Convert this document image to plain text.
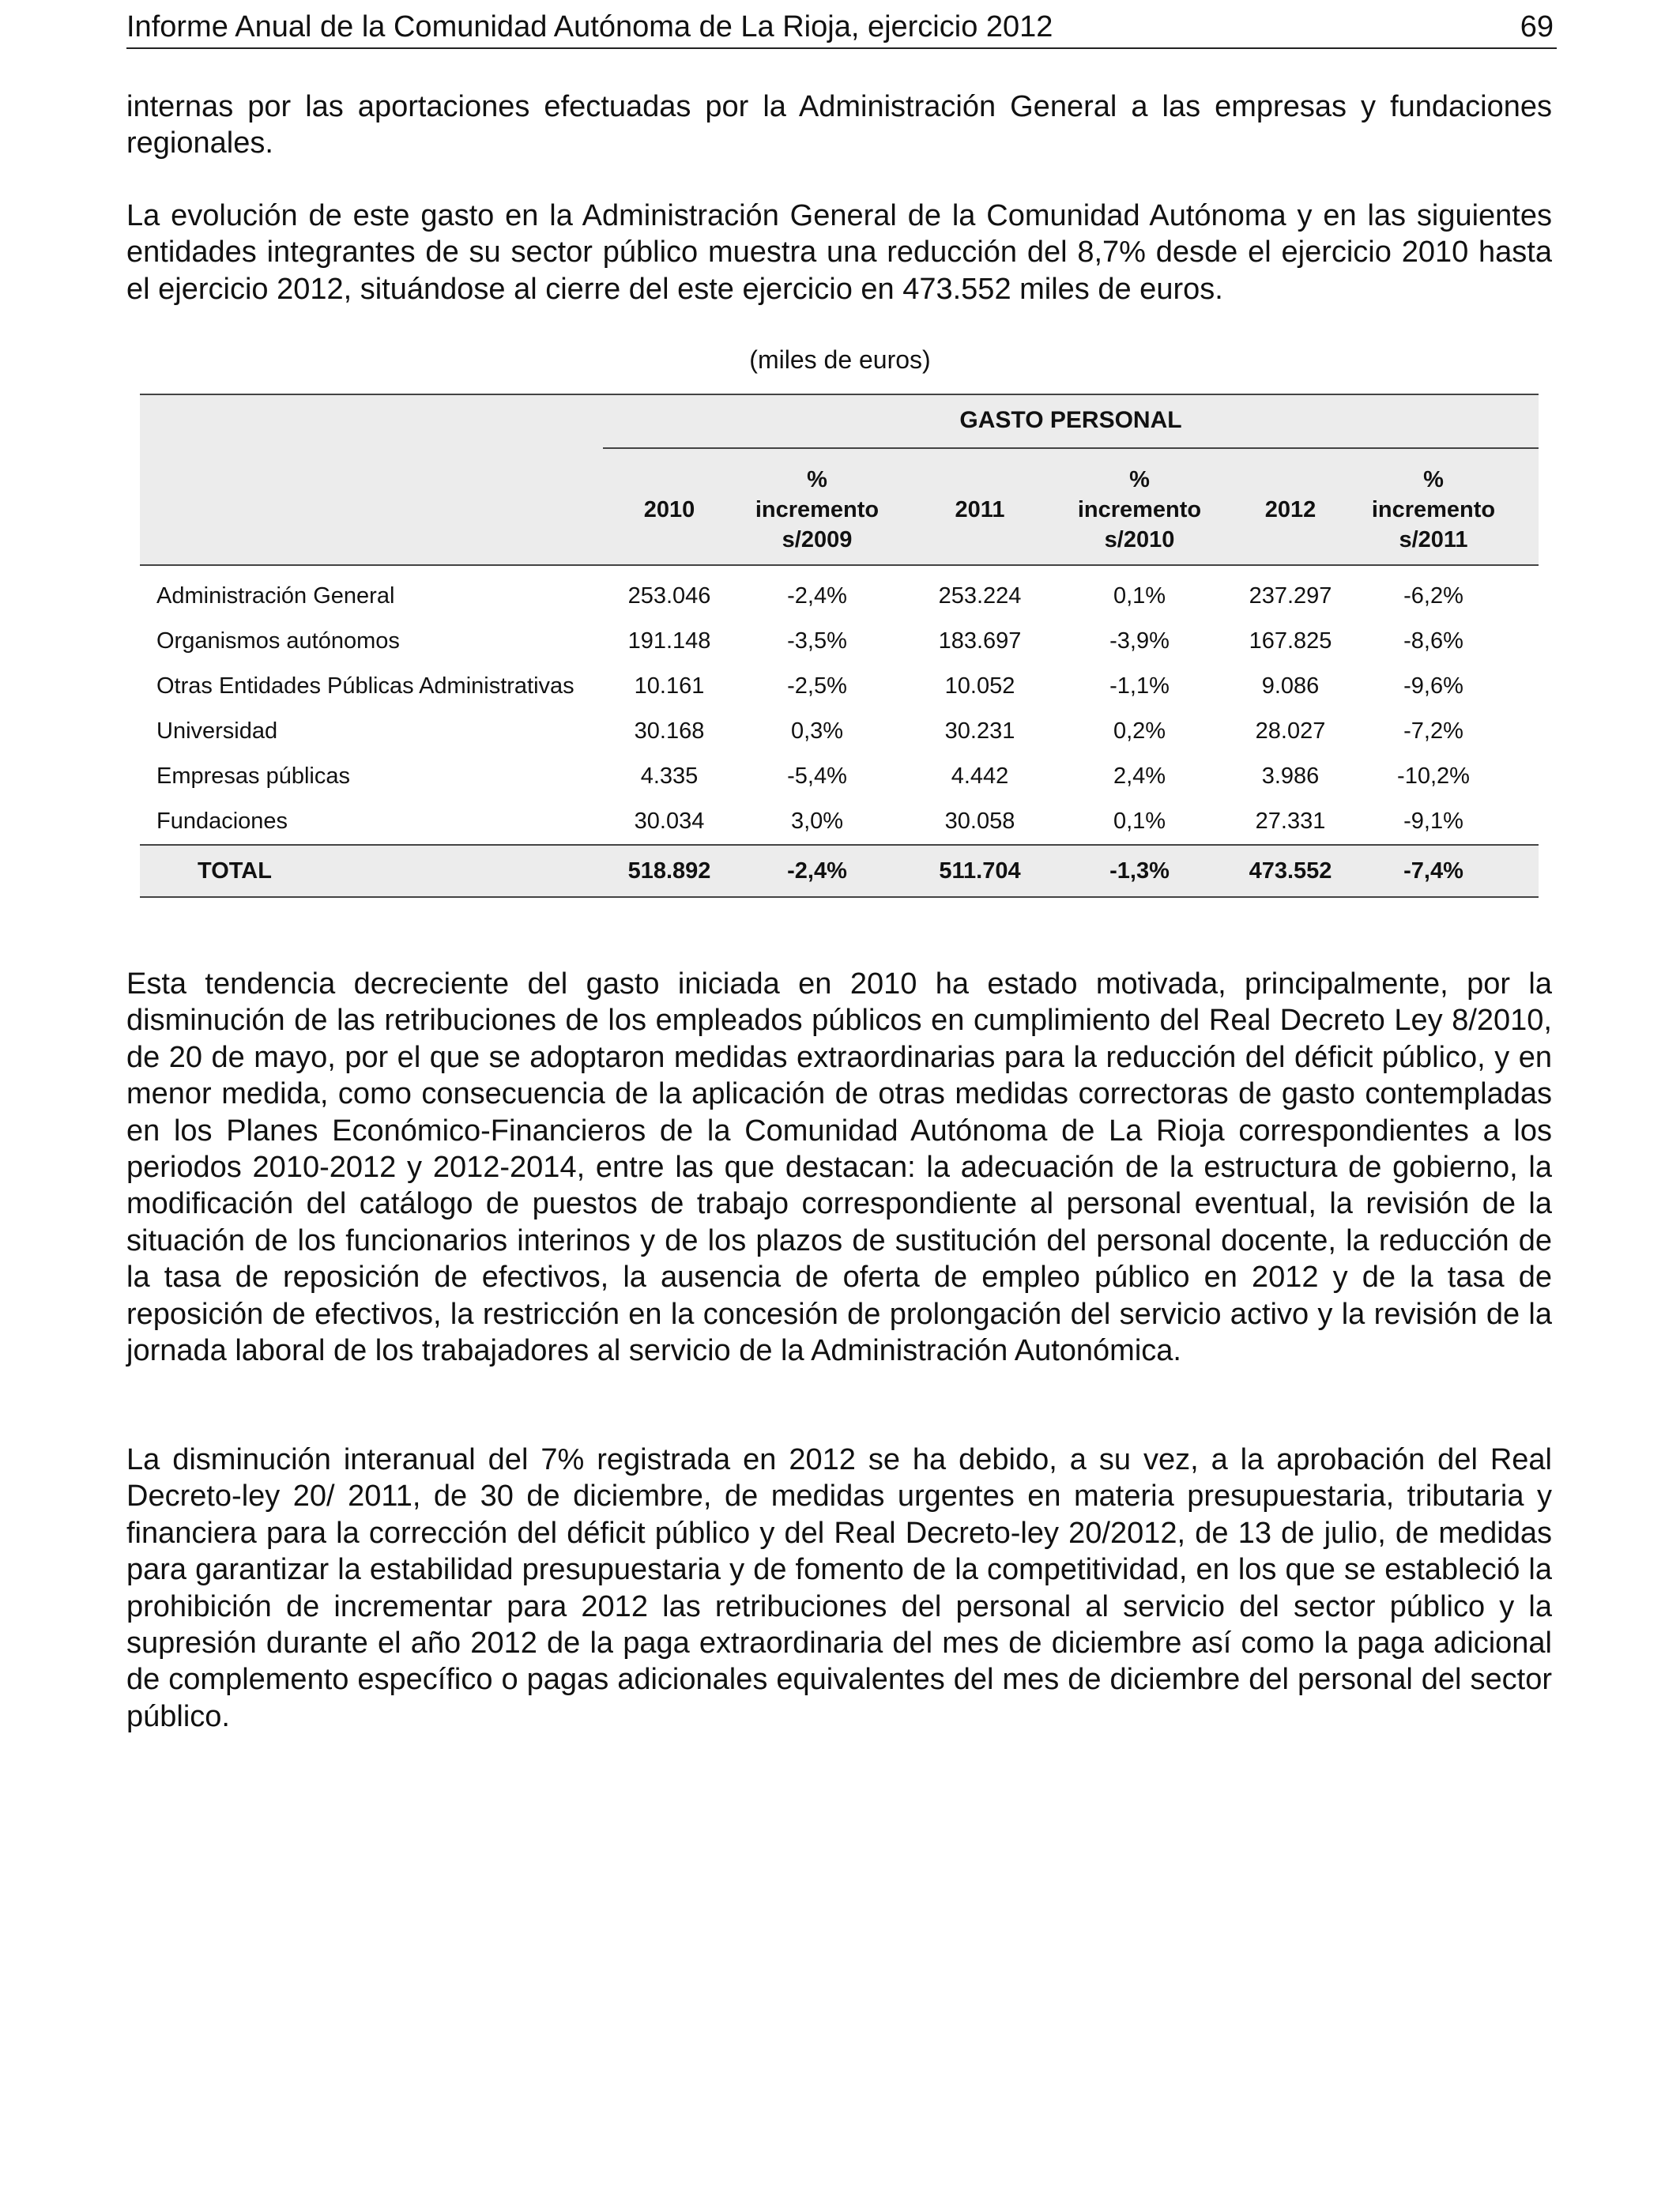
Informe Anual de la Comunidad Autónoma de La Rioja, ejercicio 2012	69

internas por las aportaciones efectuadas por la Administración General a las empresas y fundaciones regionales.

La evolución de este gasto en la Administración General de la Comunidad Autónoma y en las siguientes entidades integrantes de su sector público muestra una reducción del 8,7% desde el ejercicio 2010 hasta el ejercicio 2012, situándose al cierre del este ejercicio en 473.552 miles de euros.

(miles de euros)
GASTO PERSONAL
2010
%
incremento
s/2009
2011
%
incremento
s/2010
2012
%
incremento
s/2011
Administración General	253.046	-2,4%	253.224	0,1%	237.297	-6,2%
Organismos autónomos	191.148	-3,5%	183.697	-3,9%	167.825	-8,6%
Otras Entidades Públicas Administrativas	10.161	-2,5%	10.052	-1,1%	9.086	-9,6%
Universidad	30.168	0,3%	30.231	0,2%	28.027	-7,2%
Empresas públicas	4.335	-5,4%	4.442	2,4%	3.986	-10,2%
Fundaciones	30.034	3,0%	30.058	0,1%	27.331	-9,1%
TOTAL	518.892	-2,4%	511.704	-1,3%	473.552	-7,4%

Esta tendencia decreciente del gasto iniciada en 2010 ha estado motivada, principalmente, por la disminución de las retribuciones de los empleados públicos en cumplimiento del Real Decreto Ley 8/2010, de 20 de mayo, por el que se adoptaron medidas extraordinarias para la reducción del déficit público, y en menor medida, como consecuencia de la aplicación de otras medidas correctoras de gasto contempladas en los Planes Económico-Financieros de la Comunidad Autónoma de La Rioja correspondientes a los periodos 2010-2012 y 2012-2014, entre las que destacan: la adecuación de la estructura de gobierno, la modificación del catálogo de puestos de trabajo correspondiente al personal eventual, la revisión de la situación de los funcionarios interinos y de los plazos de sustitución del personal docente, la reducción de la tasa de reposición de efectivos, la ausencia de oferta de empleo público en 2012 y de la tasa de reposición de efectivos, la restricción en la concesión de prolongación del servicio activo y la revisión de la jornada laboral de los trabajadores al servicio de la Administración Autonómica.

La disminución interanual del 7% registrada en 2012 se ha debido, a su vez, a la aprobación del Real Decreto-ley 20/ 2011, de 30 de diciembre, de medidas urgentes en materia presupuestaria, tributaria y financiera para la corrección del déficit público y del Real Decreto-ley 20/2012, de 13 de julio, de medidas para garantizar la estabilidad presupuestaria y de fomento de la competitividad, en los que se estableció la prohibición de incrementar para 2012 las retribuciones del personal al servicio del sector público y la supresión durante el año 2012 de la paga extraordinaria del mes de diciembre así como la paga adicional de complemento específico o pagas adicionales equivalentes del mes de diciembre del personal del sector público.
